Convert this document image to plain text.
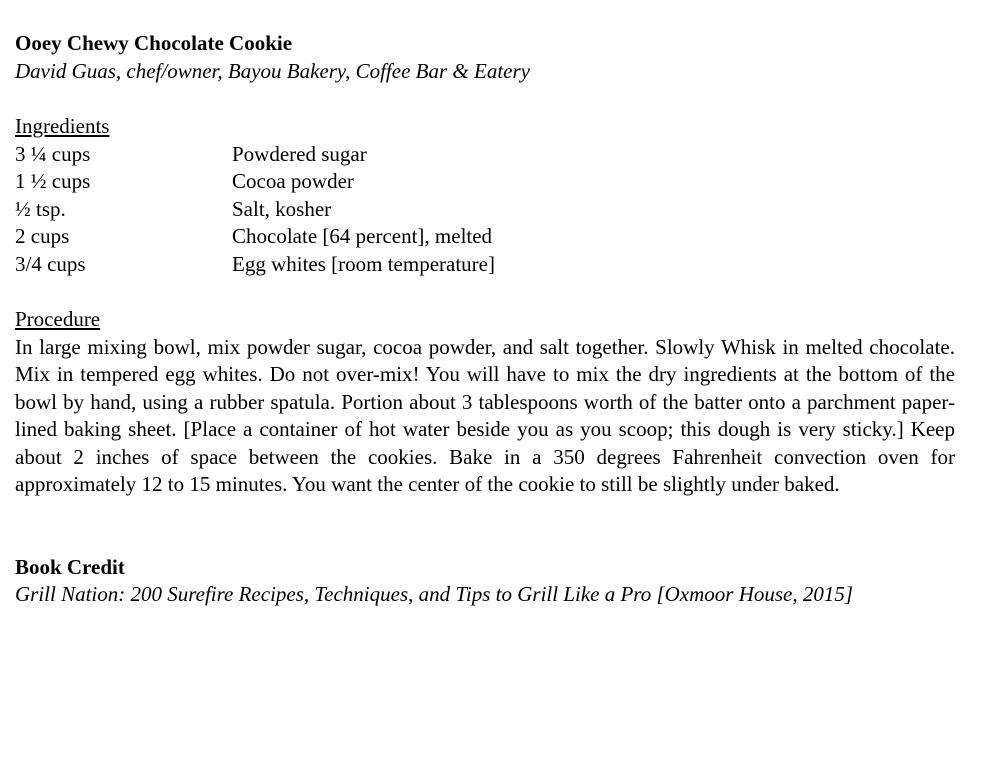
Ooey Chewy Chocolate Cookie

David Guas, chef/owner, Bayou Bakery, Coffee Bar & Eatery

Ingredients

3 ¼ cups	Powdered sugar
1 ½ cups	Cocoa powder
½ tsp.	Salt, kosher
2 cups	Chocolate [64 percent], melted
3/4 cups	Egg whites [room temperature]

Procedure

In large mixing bowl, mix powder sugar, cocoa powder, and salt together. Slowly Whisk in melted chocolate. Mix in tempered egg whites. Do not over-mix! You will have to mix the dry ingredients at the bottom of the bowl by hand, using a rubber spatula. Portion about 3 tablespoons worth of the batter onto a parchment paper-lined baking sheet. [Place a container of hot water beside you as you scoop; this dough is very sticky.] Keep about 2 inches of space between the cookies. Bake in a 350 degrees Fahrenheit convection oven for approximately 12 to 15 minutes. You want the center of the cookie to still be slightly under baked.

Book Credit

Grill Nation: 200 Surefire Recipes, Techniques, and Tips to Grill Like a Pro [Oxmoor House, 2015]
